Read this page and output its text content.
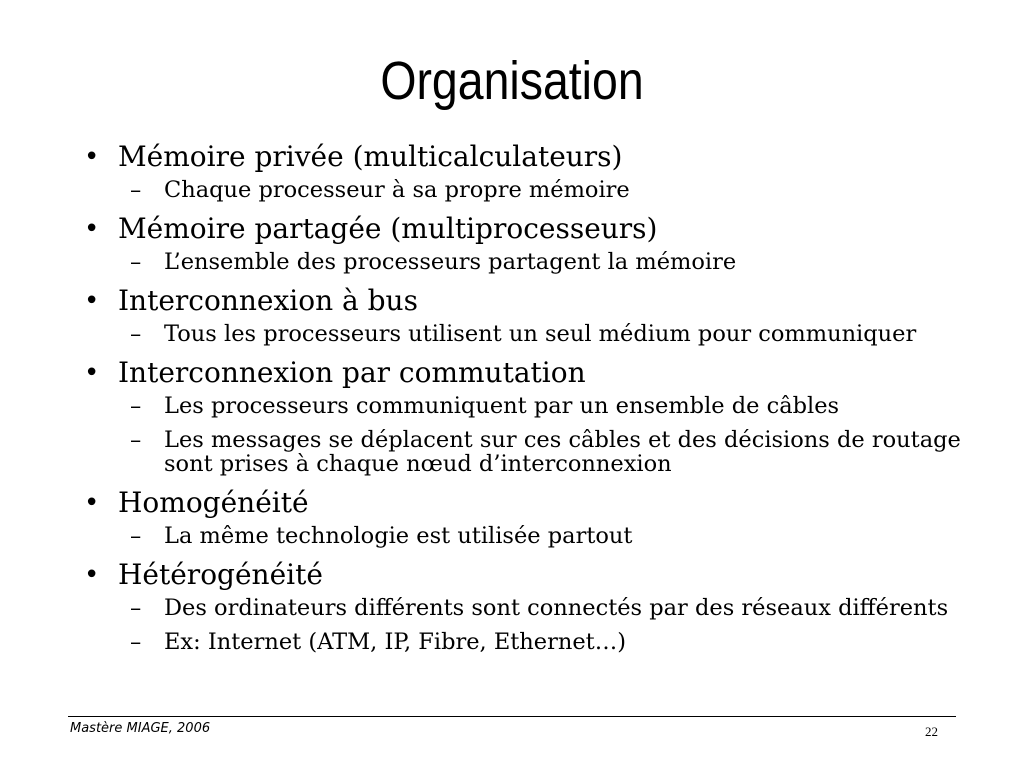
Organisation
• Mémoire privée (multicalculateurs)
– Chaque processeur à sa propre mémoire
• Mémoire partagée (multiprocesseurs)
– L’ensemble des processeurs partagent la mémoire
• Interconnexion à bus
– Tous les processeurs utilisent un seul médium pour communiquer
• Interconnexion par commutation
– Les processeurs communiquent par un ensemble de câbles
– Les messages se déplacent sur ces câbles et des décisions de routage sont prises à chaque nœud d’interconnexion
• Homogénéité
– La même technologie est utilisée partout
• Hétérogénéité
– Des ordinateurs différents sont connectés par des réseaux différents
– Ex: Internet (ATM, IP, Fibre, Ethernet…)
Mastère MIAGE, 2006	22
